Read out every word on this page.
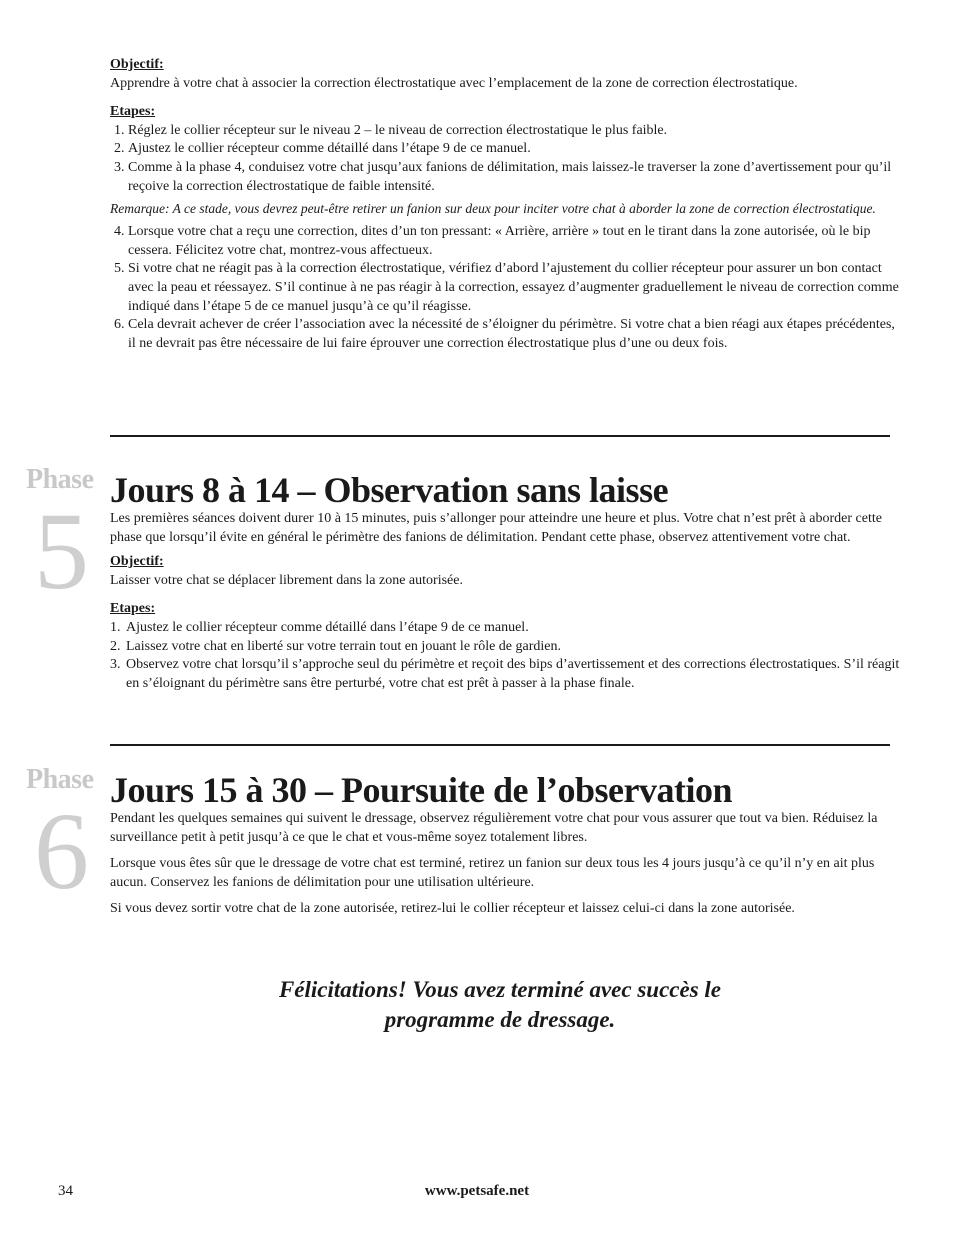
Objectif:

Apprendre à votre chat à associer la correction électrostatique avec l’emplacement de la zone de correction électrostatique.

Etapes:

1. Réglez le collier récepteur sur le niveau 2 – le niveau de correction électrostatique le plus faible.
2. Ajustez le collier récepteur comme détaillé dans l’étape 9 de ce manuel.
3. Comme à la phase 4, conduisez votre chat jusqu’aux fanions de délimitation, mais laissez-le traverser la zone d’avertissement pour qu’il reçoive la correction électrostatique de faible intensité.

Remarque: A ce stade, vous devrez peut-être retirer un fanion sur deux pour inciter votre chat à aborder la zone de correction électrostatique.

4. Lorsque votre chat a reçu une correction, dites d’un ton pressant: « Arrière, arrière » tout en le tirant dans la zone autorisée, où le bip cessera. Félicitez votre chat, montrez-vous affectueux.
5. Si votre chat ne réagit pas à la correction électrostatique, vérifiez d’abord l’ajustement du collier récepteur pour assurer un bon contact avec la peau et réessayez. S’il continue à ne pas réagir à la correction, essayez d’augmenter graduellement le niveau de correction comme indiqué dans l’étape 5 de ce manuel jusqu’à ce qu’il réagisse.
6. Cela devrait achever de créer l’association avec la nécessité de s’éloigner du périmètre. Si votre chat a bien réagi aux étapes précédentes, il ne devrait pas être nécessaire de lui faire éprouver une correction électrostatique plus d’une ou deux fois.
Phase
5 Jours 8 à 14 – Observation sans laisse

Les premières séances doivent durer 10 à 15 minutes, puis s’allonger pour atteindre une heure et plus. Votre chat n’est prêt à aborder cette phase que lorsqu’il évite en général le périmètre des fanions de délimitation. Pendant cette phase, observez attentivement votre chat.

Objectif:

Laisser votre chat se déplacer librement dans la zone autorisée.

Etapes:

1. Ajustez le collier récepteur comme détaillé dans l’étape 9 de ce manuel.
2. Laissez votre chat en liberté sur votre terrain tout en jouant le rôle de gardien.
3. Observez votre chat lorsqu’il s’approche seul du périmètre et reçoit des bips d’avertissement et des corrections électrostatiques. S’il réagit en s’éloignant du périmètre sans être perturbé, votre chat est prêt à passer à la phase finale.
Phase
6 Jours 15 à 30 – Poursuite de l’observation

Pendant les quelques semaines qui suivent le dressage, observez régulièrement votre chat pour vous assurer que tout va bien. Réduisez la surveillance petit à petit jusqu’à ce que le chat et vous-même soyez totalement libres.

Lorsque vous êtes sûr que le dressage de votre chat est terminé, retirez un fanion sur deux tous les 4 jours jusqu’à ce qu’il n’y en ait plus aucun. Conservez les fanions de délimitation pour une utilisation ultérieure.

Si vous devez sortir votre chat de la zone autorisée, retirez-lui le collier récepteur et laissez celui-ci dans la zone autorisée.

Félicitations! Vous avez terminé avec succès le
programme de dressage.
34	www.petsafe.net
